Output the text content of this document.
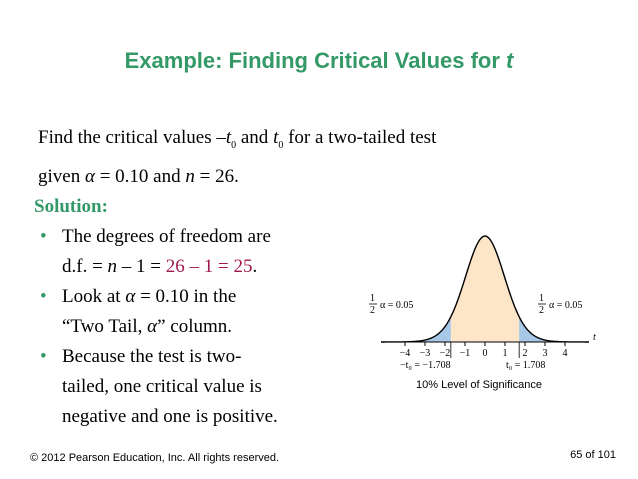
Example: Finding Critical Values for t
Find the critical values $-t_0$ and $t_0$ for a two-tailed test
given α = 0.10 and n = 26.
Solution:
• The degrees of freedom are
d.f. = n – 1 = 26 – 1 = 25.
• Look at α = 0.10 in the
“Two Tail, α” column.
• Because the test is two-
tailed, one critical value is
negative and one is positive.
−4 −3 −2 −1 0 1 2 3 4
t
1
2 α = 0.05
1
2 α = 0.05
−t₀ = −1.708	t₀ = 1.708
10% Level of Significance
© 2012 Pearson Education, Inc. All rights reserved.	65 of 101
